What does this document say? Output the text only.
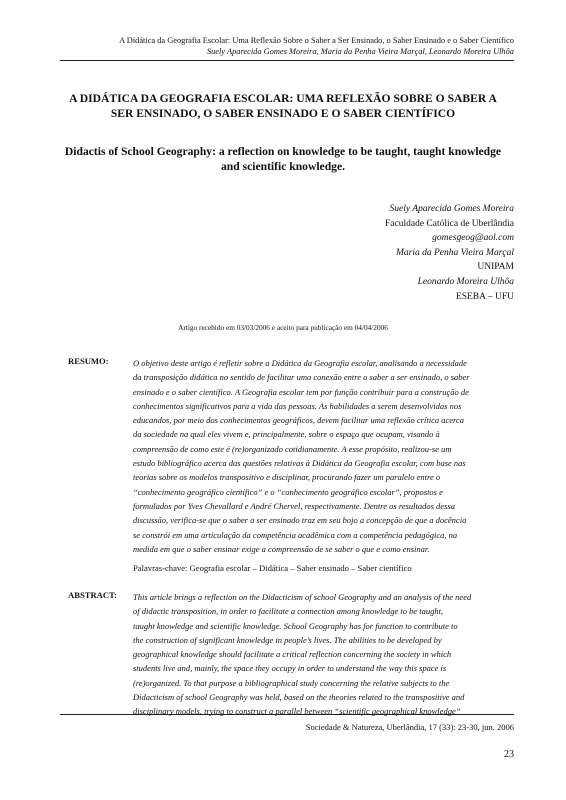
A Didática da Geografia Escolar: Uma Reflexão Sobre o Saber a Ser Ensinado, o Saber Ensinado e o Saber Científico
Suely Aparecida Gomes Moreira, Maria da Penha Vieira Marçal, Leonardo Moreira Ulhôa
A DIDÁTICA DA GEOGRAFIA ESCOLAR: UMA REFLEXÃO SOBRE O SABER A SER ENSINADO, O SABER ENSINADO E O SABER CIENTÍFICO
Didactis of School Geography: a reflection on knowledge to be taught, taught knowledge and scientific knowledge.
Suely Aparecida Gomes Moreira
Faculdade Católica de Uberlândia
gomesgeog@aol.com
Maria da Penha Vieira Marçal
UNIPAM
Leonardo Moreira Ulhôa
ESEBA – UFU
Artigo recebido em 03/03/2006 e aceito para publicação em 04/04/2006
RESUMO:	O objetivo deste artigo é refletir sobre a Didática da Geografia escolar, analisando a necessidade
da transposição didática no sentido de facilitar uma conexão entre o saber a ser ensinado, o saber
ensinado e o saber científico. A Geografia escolar tem por função contribuir para a construção de
conhecimentos significativos para a vida das pessoas. As habilidades a serem desenvolvidas nos
educandos, por meio dos conhecimentos geográficos, devem facilitar uma reflexão crítica acerca
da sociedade na qual eles vivem e, principalmente, sobre o espaço que ocupam, visando à
compreensão de como este é (re)organizado cotidianamente. A esse propósito, realizou-se um
estudo bibliográfico acerca das questões relativas à Didática da Geografia escolar, com base nas
teorias sobre os modelos transpositivo e disciplinar, procurando fazer um paralelo entre o
“conhecimento geográfico científico” e o “conhecimento geográfico escolar”, propostos e
formulados por Yves Chevallard e André Chervel, respectivamente. Dentre os resultados dessa
discussão, verifica-se que o saber a ser ensinado traz em seu bojo a concepção de que a docência
se constrói em uma articulação da competência acadêmica com a competência pedagógica, na
medida em que o saber ensinar exige a compreensão de se saber o que e como ensinar.
Palavras-chave: Geografia escolar – Didática – Saber ensinado – Saber científico
ABSTRACT: This article brings a reflection on the Didacticism of school Geography and an analysis of the need
of didactic transposition, in order to facilitate a connection among knowledge to be taught,
taught knowledge and scientific knowledge. School Geography has for function to contribute to
the construction of significant knowledge in people’s lives. The abilities to be developed by
geographical knowledge should facilitate a critical reflection concerning the society in which
students live and, mainly, the space they occupy in order to understand the way this space is
(re)organized. To that purpose a bibliographical study concerning the relative subjects to the
Didacticism of school Geography was held, based on the theories related to the transpositive and
disciplinary models, trying to construct a parallel between “scientific geographical knowledge”
Sociedade & Natureza, Uberlândia, 17 (33): 23-30, jun. 2006
23
